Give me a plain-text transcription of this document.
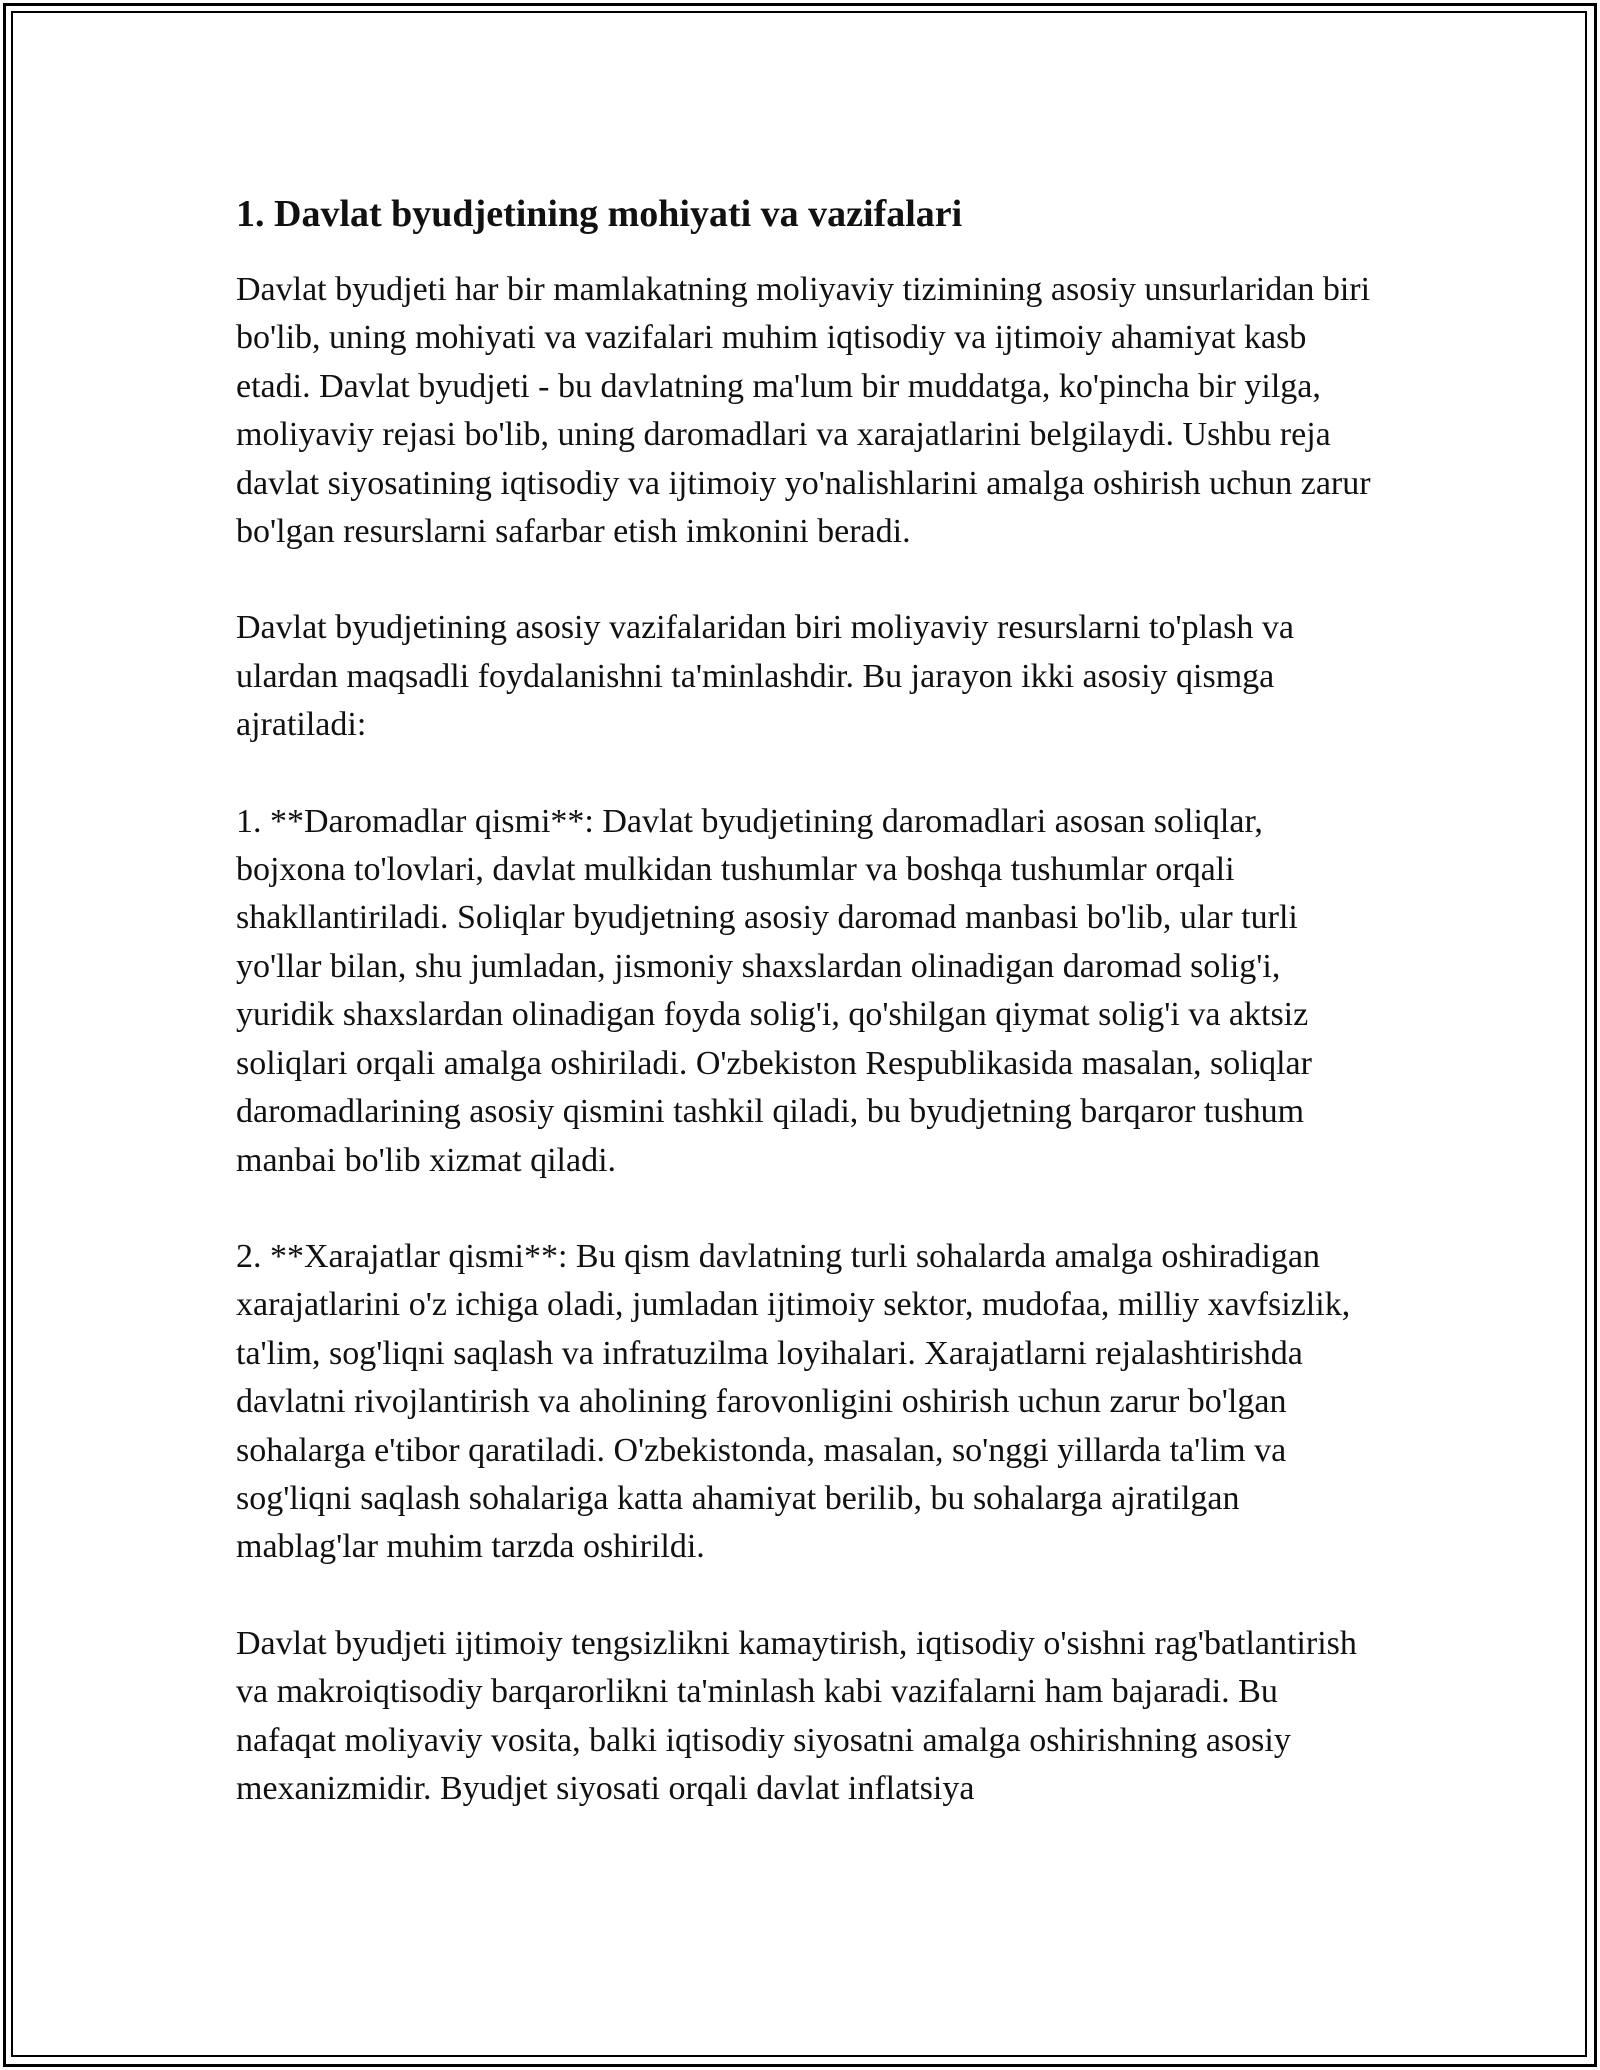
1. Davlat byudjetining mohiyati va vazifalari

Davlat byudjeti har bir mamlakatning moliyaviy tizimining asosiy unsurlaridan biri bo'lib, uning mohiyati va vazifalari muhim iqtisodiy va ijtimoiy ahamiyat kasb etadi. Davlat byudjeti - bu davlatning ma'lum bir muddatga, ko'pincha bir yilga, moliyaviy rejasi bo'lib, uning daromadlari va xarajatlarini belgilaydi. Ushbu reja davlat siyosatining iqtisodiy va ijtimoiy yo'nalishlarini amalga oshirish uchun zarur bo'lgan resurslarni safarbar etish imkonini beradi.

Davlat byudjetining asosiy vazifalaridan biri moliyaviy resurslarni to'plash va ulardan maqsadli foydalanishni ta'minlashdir. Bu jarayon ikki asosiy qismga ajratiladi:

1. **Daromadlar qismi**: Davlat byudjetining daromadlari asosan soliqlar, bojxona to'lovlari, davlat mulkidan tushumlar va boshqa tushumlar orqali shakllantiriladi. Soliqlar byudjetning asosiy daromad manbasi bo'lib, ular turli yo'llar bilan, shu jumladan, jismoniy shaxslardan olinadigan daromad solig'i, yuridik shaxslardan olinadigan foyda solig'i, qo'shilgan qiymat solig'i va aktsiz soliqlari orqali amalga oshiriladi. O'zbekiston Respublikasida masalan, soliqlar daromadlarining asosiy qismini tashkil qiladi, bu byudjetning barqaror tushum manbai bo'lib xizmat qiladi.

2. **Xarajatlar qismi**: Bu qism davlatning turli sohalarda amalga oshiradigan xarajatlarini o'z ichiga oladi, jumladan ijtimoiy sektor, mudofaa, milliy xavfsizlik, ta'lim, sog'liqni saqlash va infratuzilma loyihalari. Xarajatlarni rejalashtirishda davlatni rivojlantirish va aholining farovonligini oshirish uchun zarur bo'lgan sohalarga e'tibor qaratiladi. O'zbekistonda, masalan, so'nggi yillarda ta'lim va sog'liqni saqlash sohalariga katta ahamiyat berilib, bu sohalarga ajratilgan mablag'lar muhim tarzda oshirildi.

Davlat byudjeti ijtimoiy tengsizlikni kamaytirish, iqtisodiy o'sishni rag'batlantirish va makroiqtisodiy barqarorlikni ta'minlash kabi vazifalarni ham bajaradi. Bu nafaqat moliyaviy vosita, balki iqtisodiy siyosatni amalga oshirishning asosiy mexanizmidir. Byudjet siyosati orqali davlat inflatsiya
